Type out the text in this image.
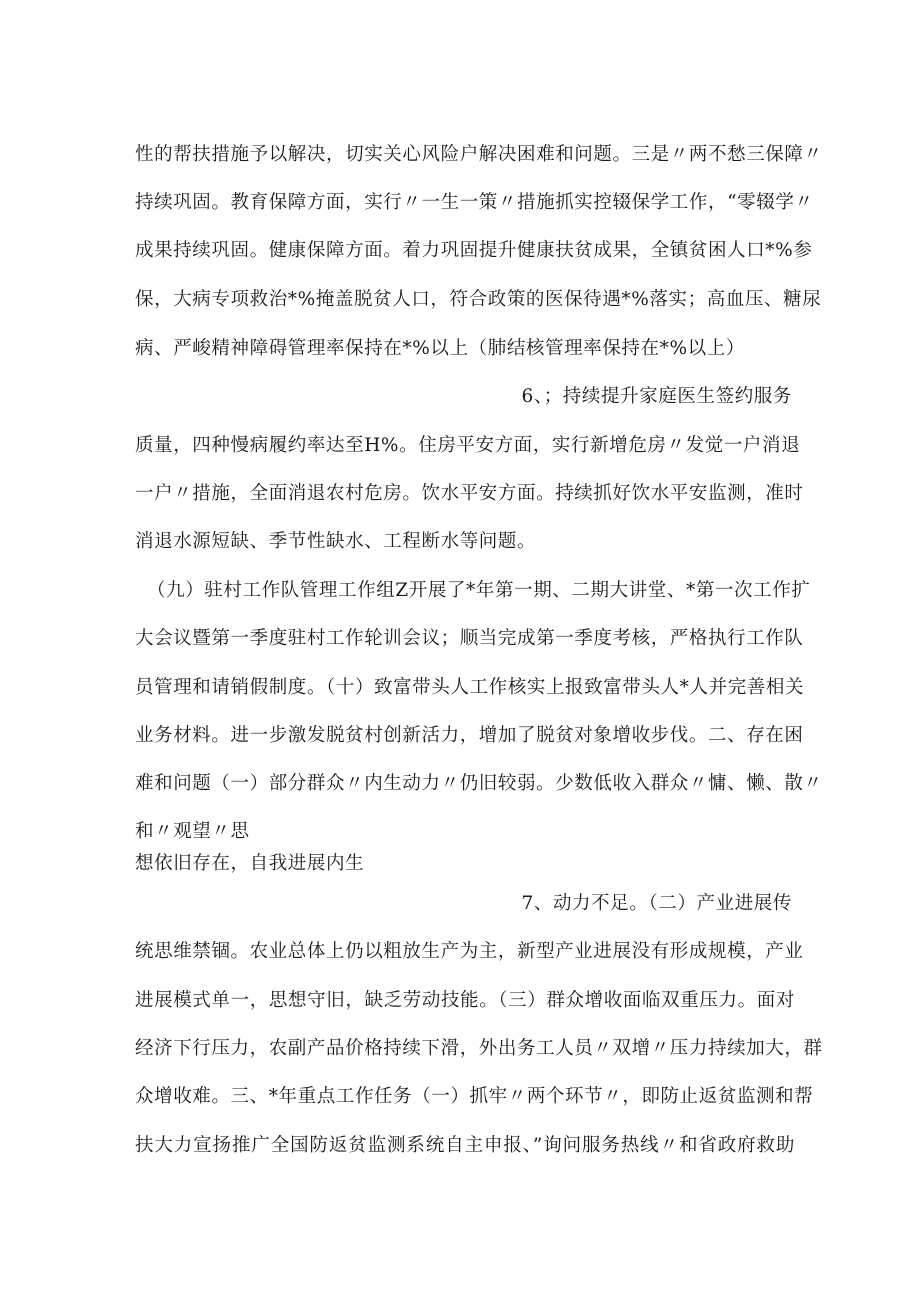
性的帮扶措施予以解决，切实关心风险户解决困难和问题。三是〃两不愁三保障〃
持续巩固。教育保障方面，实行〃一生一策〃措施抓实控辍保学工作，“零辍学〃
成果持续巩固。健康保障方面。着力巩固提升健康扶贫成果，全镇贫困人口*%参
保，大病专项救治*%掩盖脱贫人口，符合政策的医保待遇*%落实；高血压、糖尿
病、严峻精神障碍管理率保持在*%以上（肺结核管理率保持在*%以上）
6、；持续提升家庭医生签约服务
质量，四种慢病履约率达至H%。住房平安方面，实行新增危房〃发觉一户消退
一户〃措施，全面消退农村危房。饮水平安方面。持续抓好饮水平安监测，准时
消退水源短缺、季节性缺水、工程断水等问题。
（九）驻村工作队管理工作组Z开展了*年第一期、二期大讲堂、*第一次工作扩
大会议暨第一季度驻村工作轮训会议；顺当完成第一季度考核，严格执行工作队
员管理和请销假制度。（十）致富带头人工作核实上报致富带头人*人并完善相关
业务材料。进一步激发脱贫村创新活力，增加了脱贫对象增收步伐。二、存在困
难和问题（一）部分群众〃内生动力〃仍旧较弱。少数低收入群众〃慵、懒、散〃
和〃观望〃思
想依旧存在，自我进展内生
7、动力不足。（二）产业进展传
统思维禁锢。农业总体上仍以粗放生产为主，新型产业进展没有形成规模，产业
进展模式单一，思想守旧，缺乏劳动技能。（三）群众增收面临双重压力。面对
经济下行压力，农副产品价格持续下滑，外出务工人员〃双增〃压力持续加大，群
众增收难。三、*年重点工作任务（一）抓牢〃两个环节〃，即防止返贫监测和帮
扶大力宣扬推广全国防返贫监测系统自主申报、”询问服务热线〃和省政府救助
